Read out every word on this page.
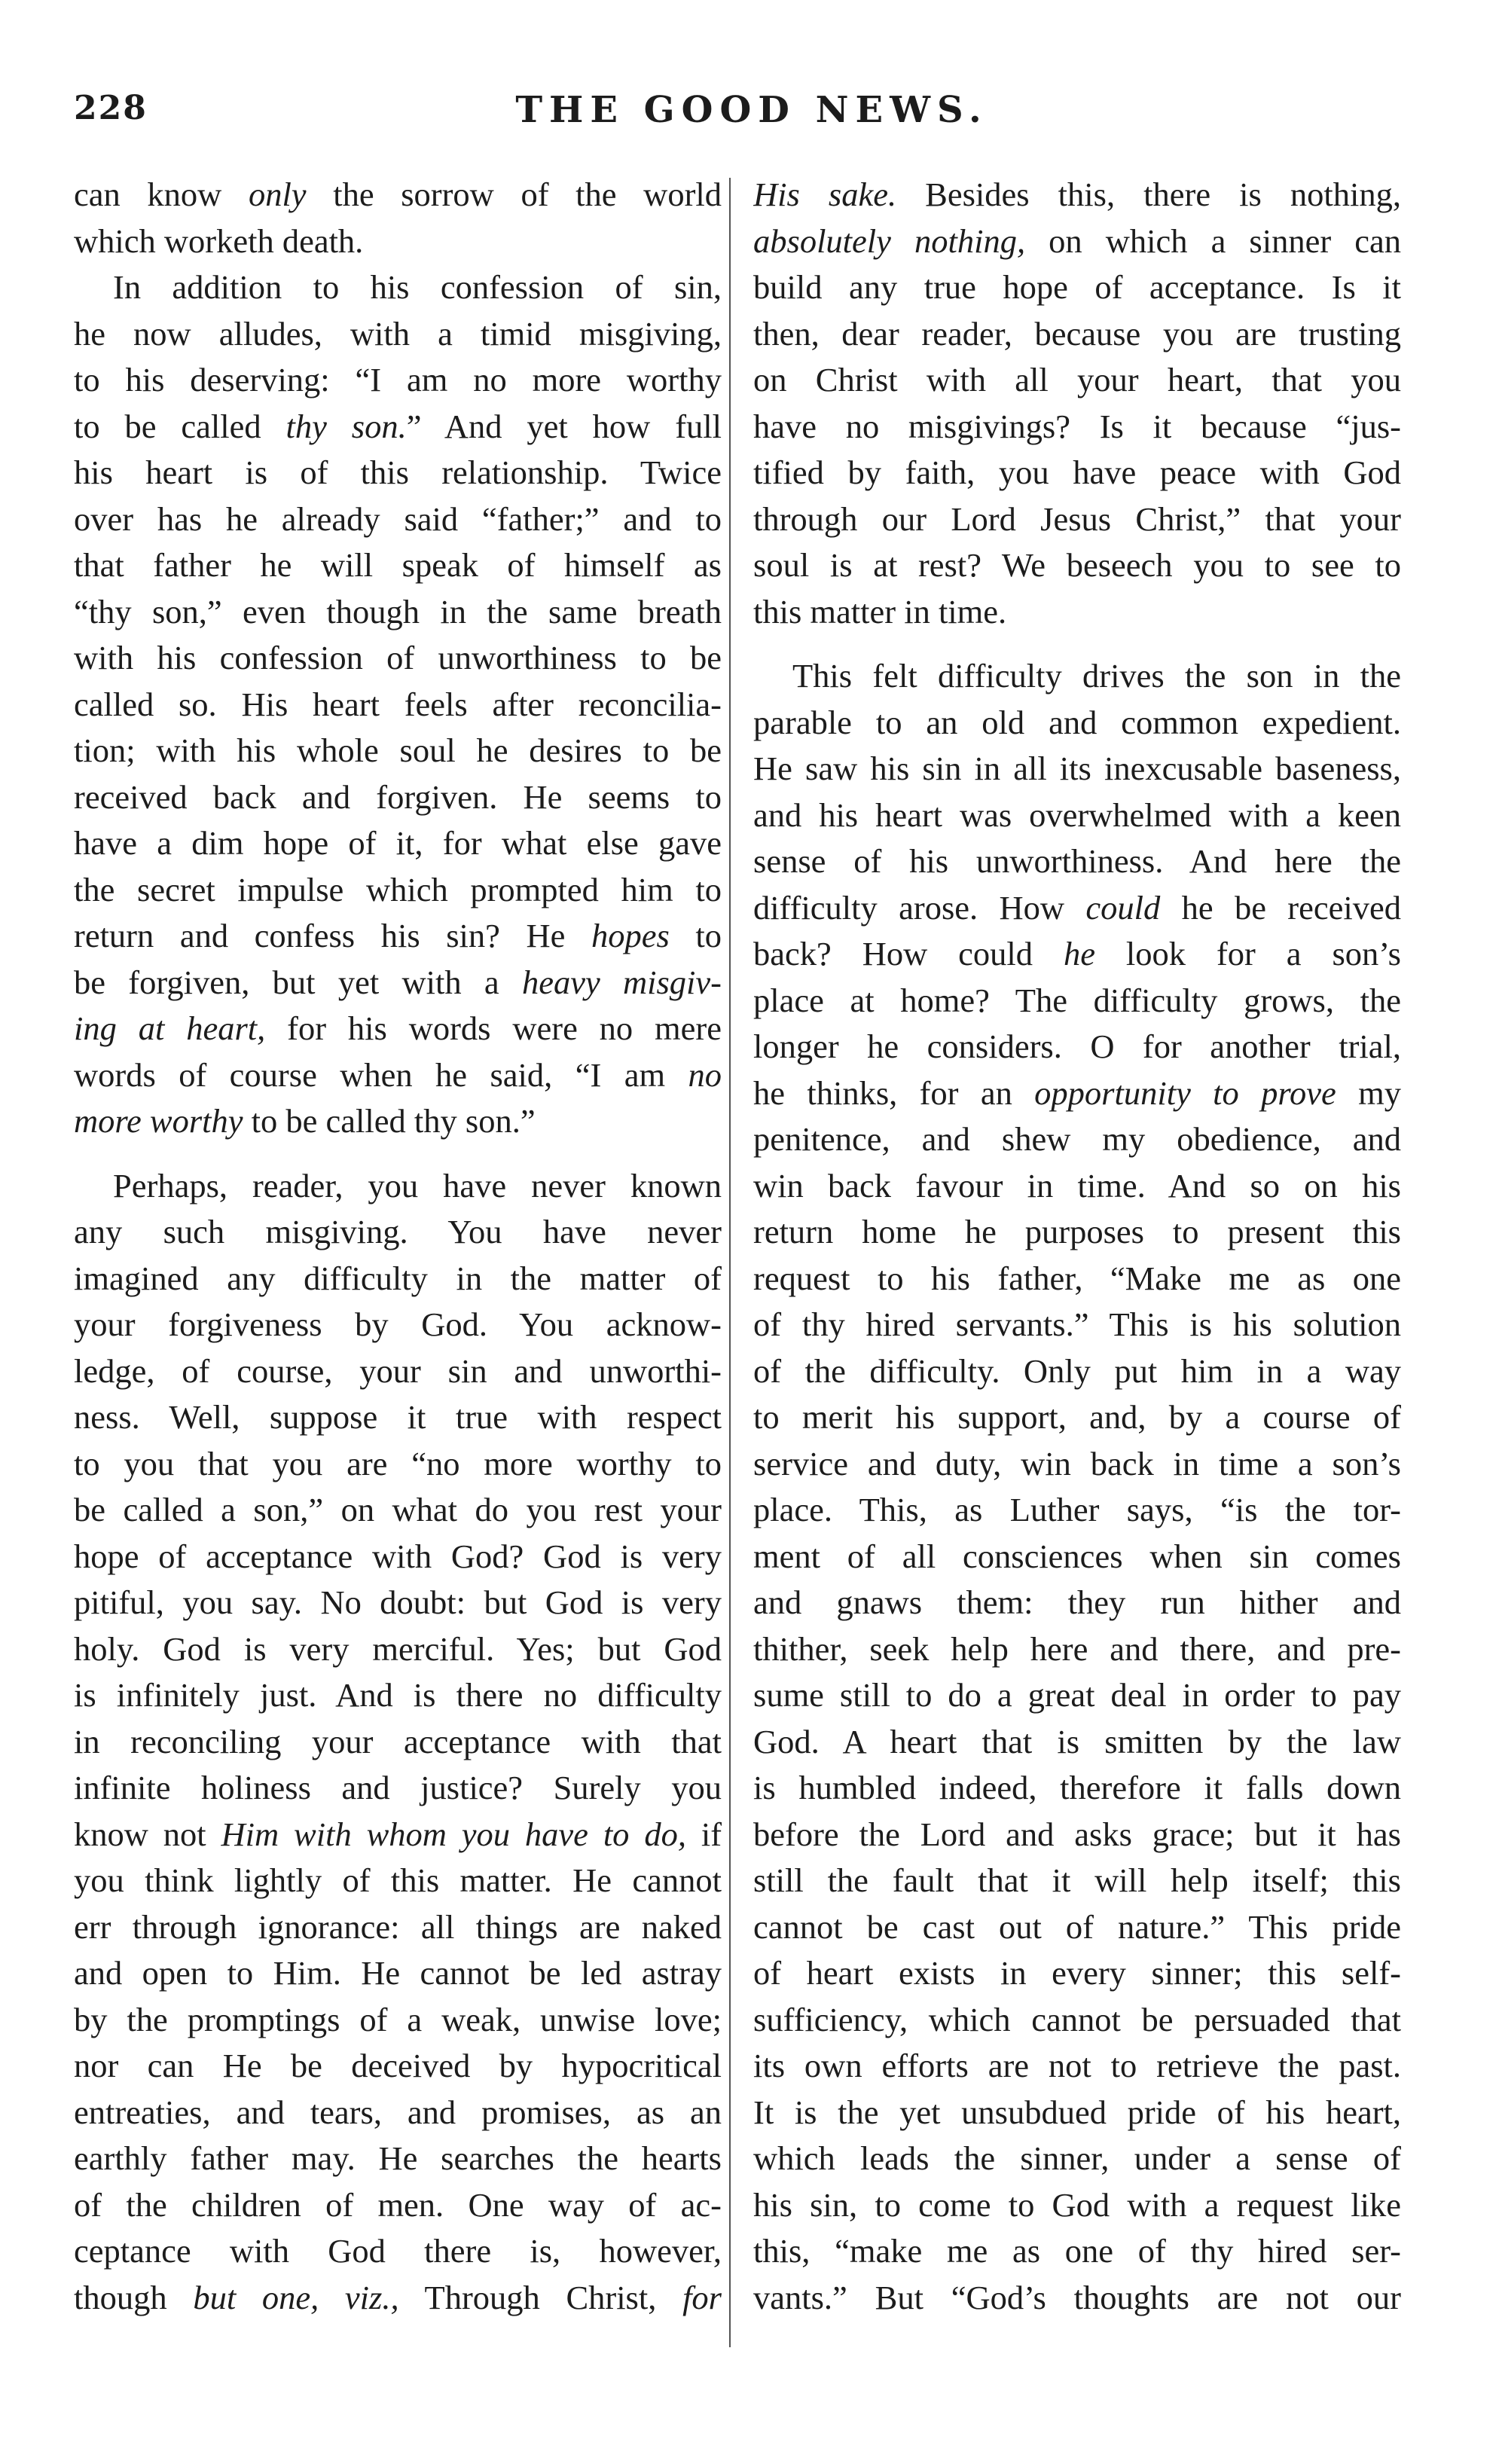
228	THE GOOD NEWS.
can know only the sorrow of the world
which worketh death.
In addition to his confession of sin,
he now alludes, with a timid misgiving,
to his deserving: “I am no more worthy
to be called thy son.” And yet how full
his heart is of this relationship. Twice
over has he already said “father;” and to
that father he will speak of himself as
“thy son,” even though in the same breath
with his confession of unworthiness to be
called so. His heart feels after reconcilia-
tion; with his whole soul he desires to be
received back and forgiven. He seems to
have a dim hope of it, for what else gave
the secret impulse which prompted him to
return and confess his sin? He hopes to
be forgiven, but yet with a heavy misgiv-
ing at heart, for his words were no mere
words of course when he said, “I am no
more worthy to be called thy son.”
Perhaps, reader, you have never known
any such misgiving. You have never
imagined any difficulty in the matter of
your forgiveness by God. You acknow-
ledge, of course, your sin and unworthi-
ness. Well, suppose it true with respect
to you that you are “no more worthy to
be called a son,” on what do you rest your
hope of acceptance with God? God is very
pitiful, you say. No doubt: but God is very
holy. God is very merciful. Yes; but God
is infinitely just. And is there no difficulty
in reconciling your acceptance with that
infinite holiness and justice? Surely you
know not Him with whom you have to do, if
you think lightly of this matter. He cannot
err through ignorance: all things are naked
and open to Him. He cannot be led astray
by the promptings of a weak, unwise love;
nor can He be deceived by hypocritical
entreaties, and tears, and promises, as an
earthly father may. He searches the hearts
of the children of men. One way of ac-
ceptance with God there is, however,
though but one, viz., Through Christ, for
His sake. Besides this, there is nothing,
absolutely nothing, on which a sinner can
build any true hope of acceptance. Is it
then, dear reader, because you are trusting
on Christ with all your heart, that you
have no misgivings? Is it because “jus-
tified by faith, you have peace with God
through our Lord Jesus Christ,” that your
soul is at rest? We beseech you to see to
this matter in time.
This felt difficulty drives the son in the
parable to an old and common expedient.
He saw his sin in all its inexcusable baseness,
and his heart was overwhelmed with a keen
sense of his unworthiness. And here the
difficulty arose. How could he be received
back? How could he look for a son’s
place at home? The difficulty grows, the
longer he considers. O for another trial,
he thinks, for an opportunity to prove my
penitence, and shew my obedience, and
win back favour in time. And so on his
return home he purposes to present this
request to his father, “Make me as one
of thy hired servants.” This is his solution
of the difficulty. Only put him in a way
to merit his support, and, by a course of
service and duty, win back in time a son’s
place. This, as Luther says, “is the tor-
ment of all consciences when sin comes
and gnaws them: they run hither and
thither, seek help here and there, and pre-
sume still to do a great deal in order to pay
God. A heart that is smitten by the law
is humbled indeed, therefore it falls down
before the Lord and asks grace; but it has
still the fault that it will help itself; this
cannot be cast out of nature.” This pride
of heart exists in every sinner; this self-
sufficiency, which cannot be persuaded that
its own efforts are not to retrieve the past.
It is the yet unsubdued pride of his heart,
which leads the sinner, under a sense of
his sin, to come to God with a request like
this, “make me as one of thy hired ser-
vants.” But “God’s thoughts are not our
